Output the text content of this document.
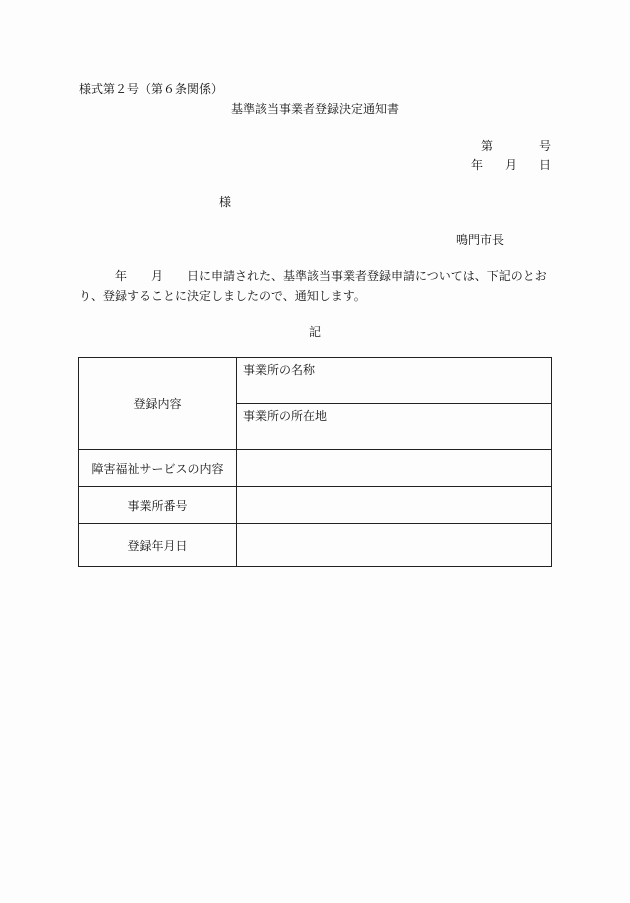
様式第２号（第６条関係）
基準該当事業者登録決定通知書
第	号
年 月 日
様
鳴門市長
　年　　月　　日に申請された、基準該当事業者登録申請については、下記のとおり、登録することに決定しましたので、通知します。
記
登録内容	事業所の名称
	事業所の所在地
障害福祉サービスの内容	
事業所番号	
登録年月日	
